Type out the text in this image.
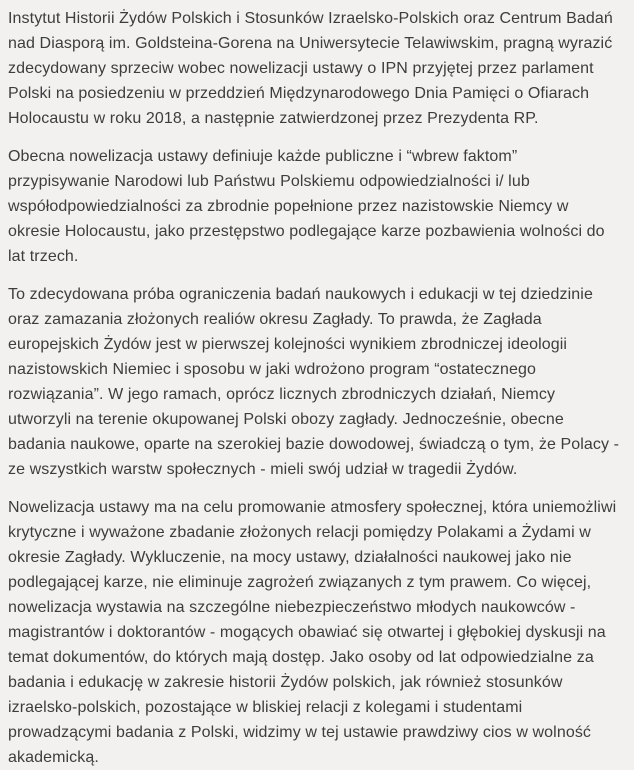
Instytut Historii Żydów Polskich i Stosunków Izraelsko-Polskich oraz Centrum Badań nad Diasporą im. Goldsteina-Gorena na Uniwersytecie Telawiwskim, pragną wyrazić zdecydowany sprzeciw wobec nowelizacji ustawy o IPN przyjętej przez parlament Polski na posiedzeniu w przeddzień Międzynarodowego Dnia Pamięci o Ofiarach Holocaustu w roku 2018, a następnie zatwierdzonej przez Prezydenta RP.

Obecna nowelizacja ustawy definiuje każde publiczne i “wbrew faktom” przypisywanie Narodowi lub Państwu Polskiemu odpowiedzialności i/ lub współodpowiedzialności za zbrodnie popełnione przez nazistowskie Niemcy w okresie Holocaustu, jako przestępstwo podlegające karze pozbawienia wolności do lat trzech.

To zdecydowana próba ograniczenia badań naukowych i edukacji w tej dziedzinie oraz zamazania złożonych realiów okresu Zagłady. To prawda, że Zagłada europejskich Żydów jest w pierwszej kolejności wynikiem zbrodniczej ideologii nazistowskich Niemiec i sposobu w jaki wdrożono program “ostatecznego rozwiązania”. W jego ramach, oprócz licznych zbrodniczych działań, Niemcy utworzyli na terenie okupowanej Polski obozy zagłady. Jednocześnie, obecne badania naukowe, oparte na szerokiej bazie dowodowej, świadczą o tym, że Polacy - ze wszystkich warstw społecznych - mieli swój udział w tragedii Żydów.

Nowelizacja ustawy ma na celu promowanie atmosfery społecznej, która uniemożliwi krytyczne i wyważone zbadanie złożonych relacji pomiędzy Polakami a Żydami w okresie Zagłady. Wykluczenie, na mocy ustawy, działalności naukowej jako nie podlegającej karze, nie eliminuje zagrożeń związanych z tym prawem. Co więcej, nowelizacja wystawia na szczególne niebezpieczeństwo młodych naukowców - magistrantów i doktorantów - mogących obawiać się otwartej i głębokiej dyskusji na temat dokumentów, do których mają dostęp. Jako osoby od lat odpowiedzialne za badania i edukację w zakresie historii Żydów polskich, jak również stosunków izraelsko-polskich, pozostające w bliskiej relacji z kolegami i studentami prowadzącymi badania z Polski, widzimy w tej ustawie prawdziwy cios w wolność akademicką.
